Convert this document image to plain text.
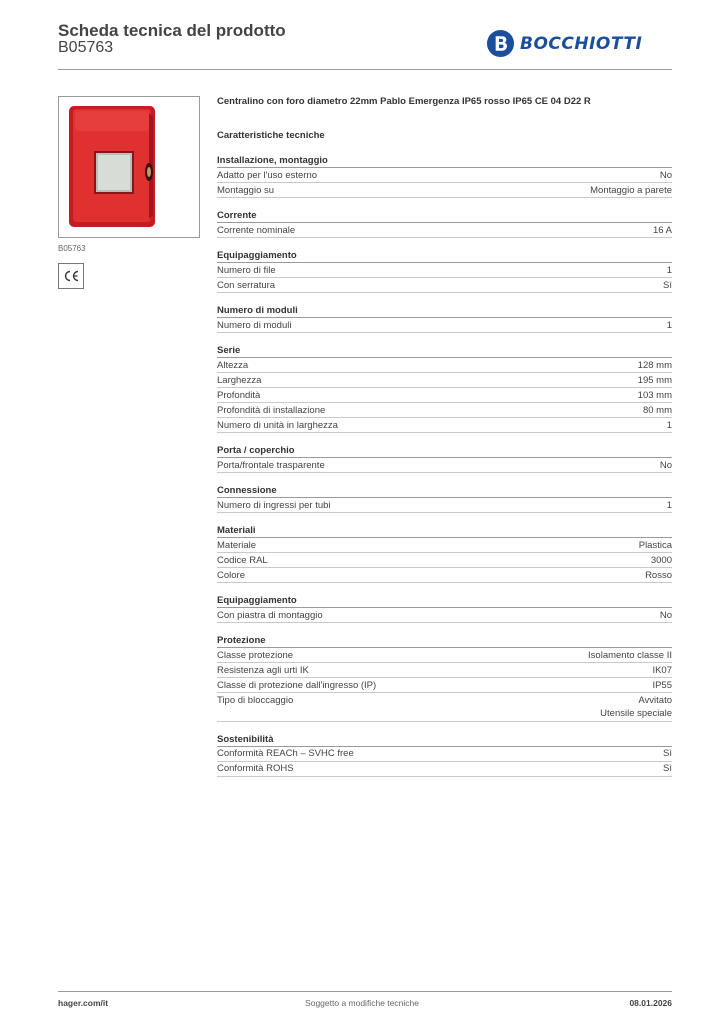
Scheda tecnica del prodotto
B05763	BOCCHIOTTI
B05763
Centralino con foro diametro 22mm Pablo Emergenza IP65 rosso IP65 CE 04 D22 R
Caratteristiche tecniche
Installazione, montaggio
Adatto per l'uso esterno	No
Montaggio su	Montaggio a parete
Corrente
Corrente nominale	16 A
Equipaggiamento
Numero di file	1
Con serratura	Sì
Numero di moduli
Numero di moduli	1
Serie
Altezza	128 mm
Larghezza	195 mm
Profondità	103 mm
Profondità di installazione	80 mm
Numero di unità in larghezza	1
Porta / coperchio
Porta/frontale trasparente	No
Connessione
Numero di ingressi per tubi	1
Materiali
Materiale	Plastica
Codice RAL	3000
Colore	Rosso
Equipaggiamento
Con piastra di montaggio	No
Protezione
Classe protezione	Isolamento classe II
Resistenza agli urti IK	IK07
Classe di protezione dall'ingresso (IP)	IP55
Tipo di bloccaggio	Avvitato
Utensile speciale
Sostenibilità
Conformità REACh – SVHC free	Sì
Conformità ROHS	Sì
hager.com/it	Soggetto a modifiche tecniche	08.01.2026
